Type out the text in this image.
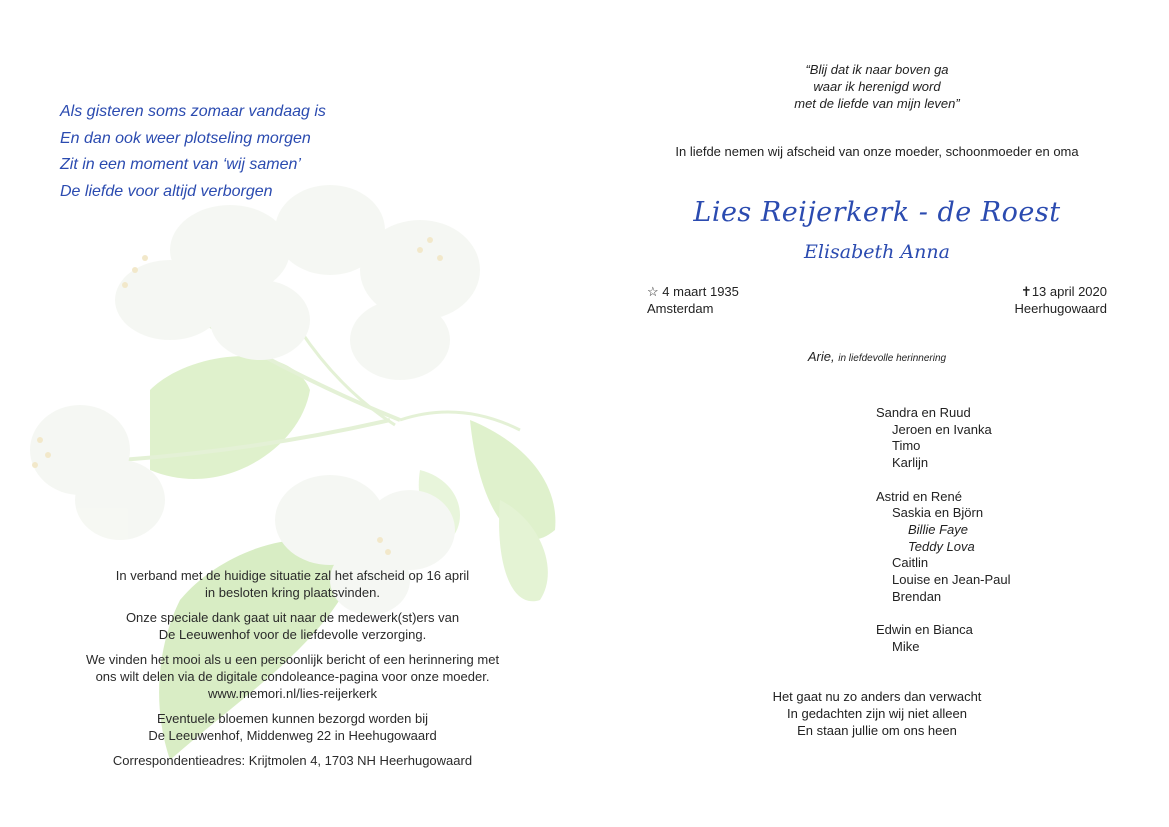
Als gisteren soms zomaar vandaag is
En dan ook weer plotseling morgen
Zit in een moment van ‘wij samen’
De liefde voor altijd verborgen
In verband met de huidige situatie zal het afscheid op 16 april
in besloten kring plaatsvinden.
Onze speciale dank gaat uit naar de medewerk(st)ers van
De Leeuwenhof voor de liefdevolle verzorging.
We vinden het mooi als u een persoonlijk bericht of een herinnering met
ons wilt delen via de digitale condoleance-pagina voor onze moeder.
www.memori.nl/lies-reijerkerk
Eventuele bloemen kunnen bezorgd worden bij
De Leeuwenhof, Middenweg 22 in Heehugowaard
Correspondentieadres: Krijtmolen 4, 1703 NH Heerhugowaard
“Blij dat ik naar boven ga
waar ik herenigd word
met de liefde van mijn leven”
In liefde nemen wij afscheid van onze moeder, schoonmoeder en oma
Lies Reijerkerk - de Roest
Elisabeth Anna
☆ 4 maart 1935
Amsterdam
✝13 april 2020
Heerhugowaard
Arie, in liefdevolle herinnering
Sandra en Ruud
Jeroen en Ivanka
Timo
Karlijn
Astrid en René
Saskia en Björn
Billie Faye
Teddy Lova
Caitlin
Louise en Jean-Paul
Brendan
Edwin en Bianca
Mike
Het gaat nu zo anders dan verwacht
In gedachten zijn wij niet alleen
En staan jullie om ons heen
